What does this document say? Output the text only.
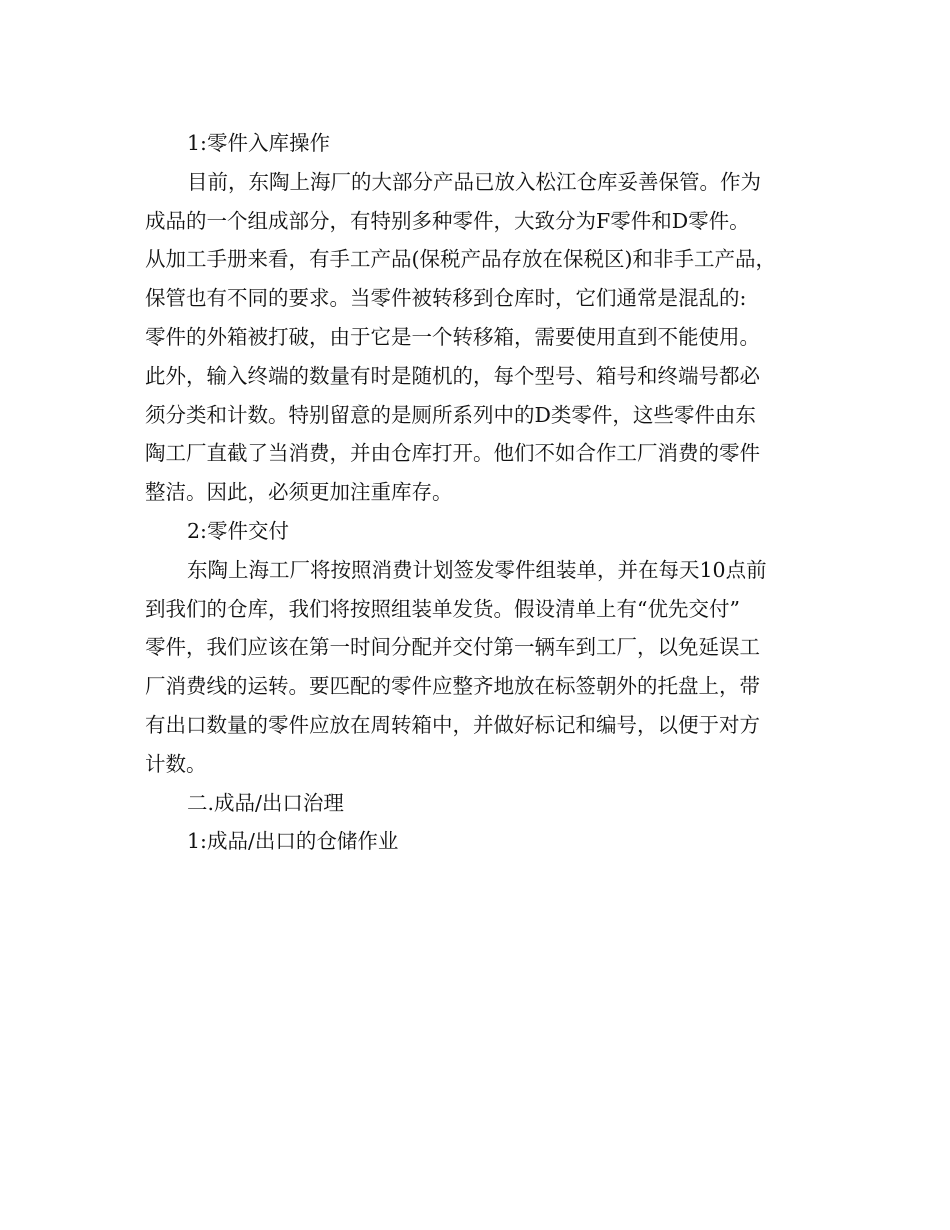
1:零件入库操作
目前，东陶上海厂的大部分产品已放入松江仓库妥善保管。作为
成品的一个组成部分，有特别多种零件，大致分为F零件和D零件。
从加工手册来看，有手工产品(保税产品存放在保税区)和非手工产品，
保管也有不同的要求。当零件被转移到仓库时，它们通常是混乱的:
零件的外箱被打破，由于它是一个转移箱，需要使用直到不能使用。
此外，输入终端的数量有时是随机的，每个型号、箱号和终端号都必
须分类和计数。特别留意的是厕所系列中的D类零件，这些零件由东
陶工厂直截了当消费，并由仓库打开。他们不如合作工厂消费的零件
整洁。因此，必须更加注重库存。
2:零件交付
东陶上海工厂将按照消费计划签发零件组装单，并在每天10点前
到我们的仓库，我们将按照组装单发货。假设清单上有“优先交付”
零件，我们应该在第一时间分配并交付第一辆车到工厂，以免延误工
厂消费线的运转。要匹配的零件应整齐地放在标签朝外的托盘上，带
有出口数量的零件应放在周转箱中，并做好标记和编号，以便于对方
计数。
二.成品/出口治理
1:成品/出口的仓储作业
